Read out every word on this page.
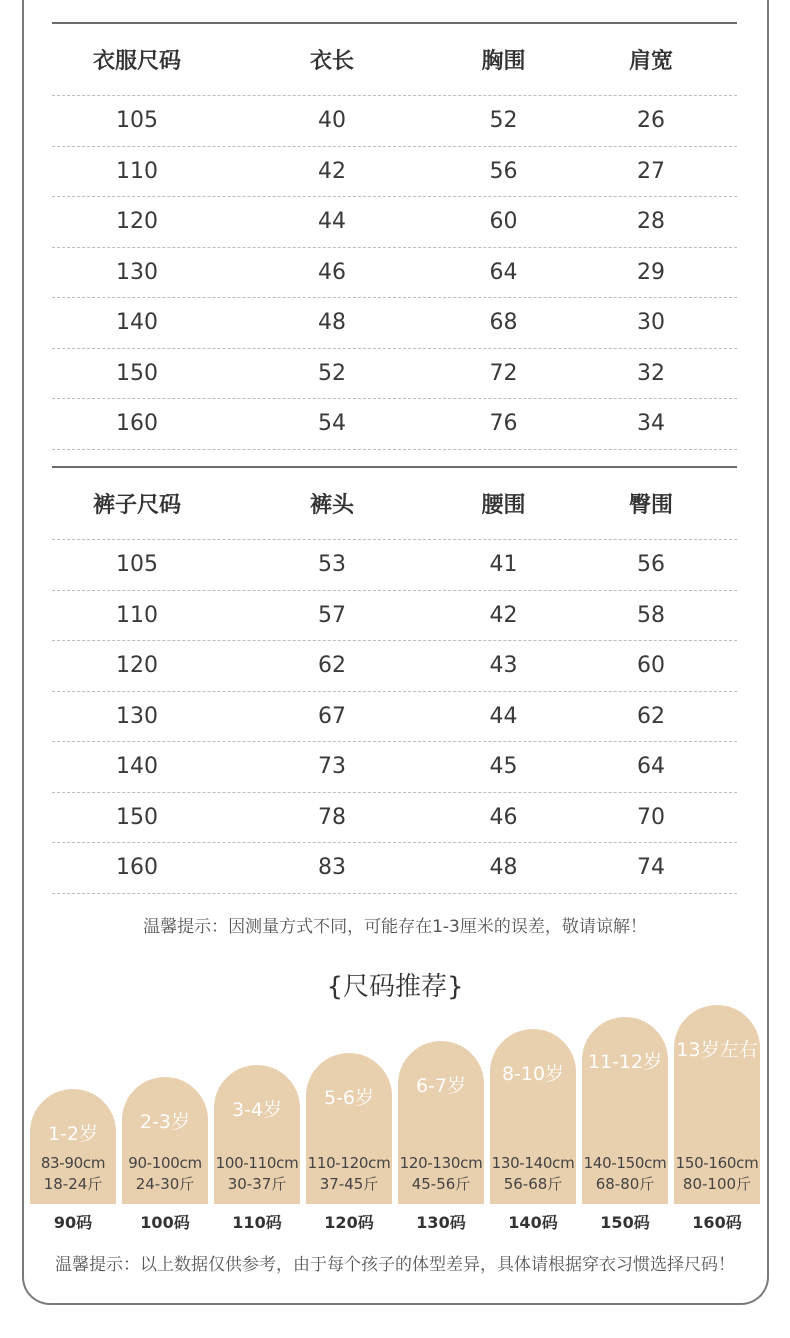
衣服尺码	衣长	胸围	肩宽
105	40	52	26
110	42	56	27
120	44	60	28
130	46	64	29
140	48	68	30
150	52	72	32
160	54	76	34
裤子尺码	裤头	腰围	臀围
105	53	41	56
110	57	42	58
120	62	43	60
130	67	44	62
140	73	45	64
150	78	46	70
160	83	48	74
温馨提示：因测量方式不同，可能存在1-3厘米的误差，敬请谅解！
{尺码推荐}
1-2岁
83-90cm
18-24斤
90码
2-3岁
90-100cm
24-30斤
100码
3-4岁
100-110cm
30-37斤
110码
5-6岁
110-120cm
37-45斤
120码
6-7岁
120-130cm
45-56斤
130码
8-10岁
130-140cm
56-68斤
140码
11-12岁
140-150cm
68-80斤
150码
13岁左右
150-160cm
80-100斤
160码
温馨提示：以上数据仅供参考，由于每个孩子的体型差异，具体请根据穿衣习惯选择尺码！
